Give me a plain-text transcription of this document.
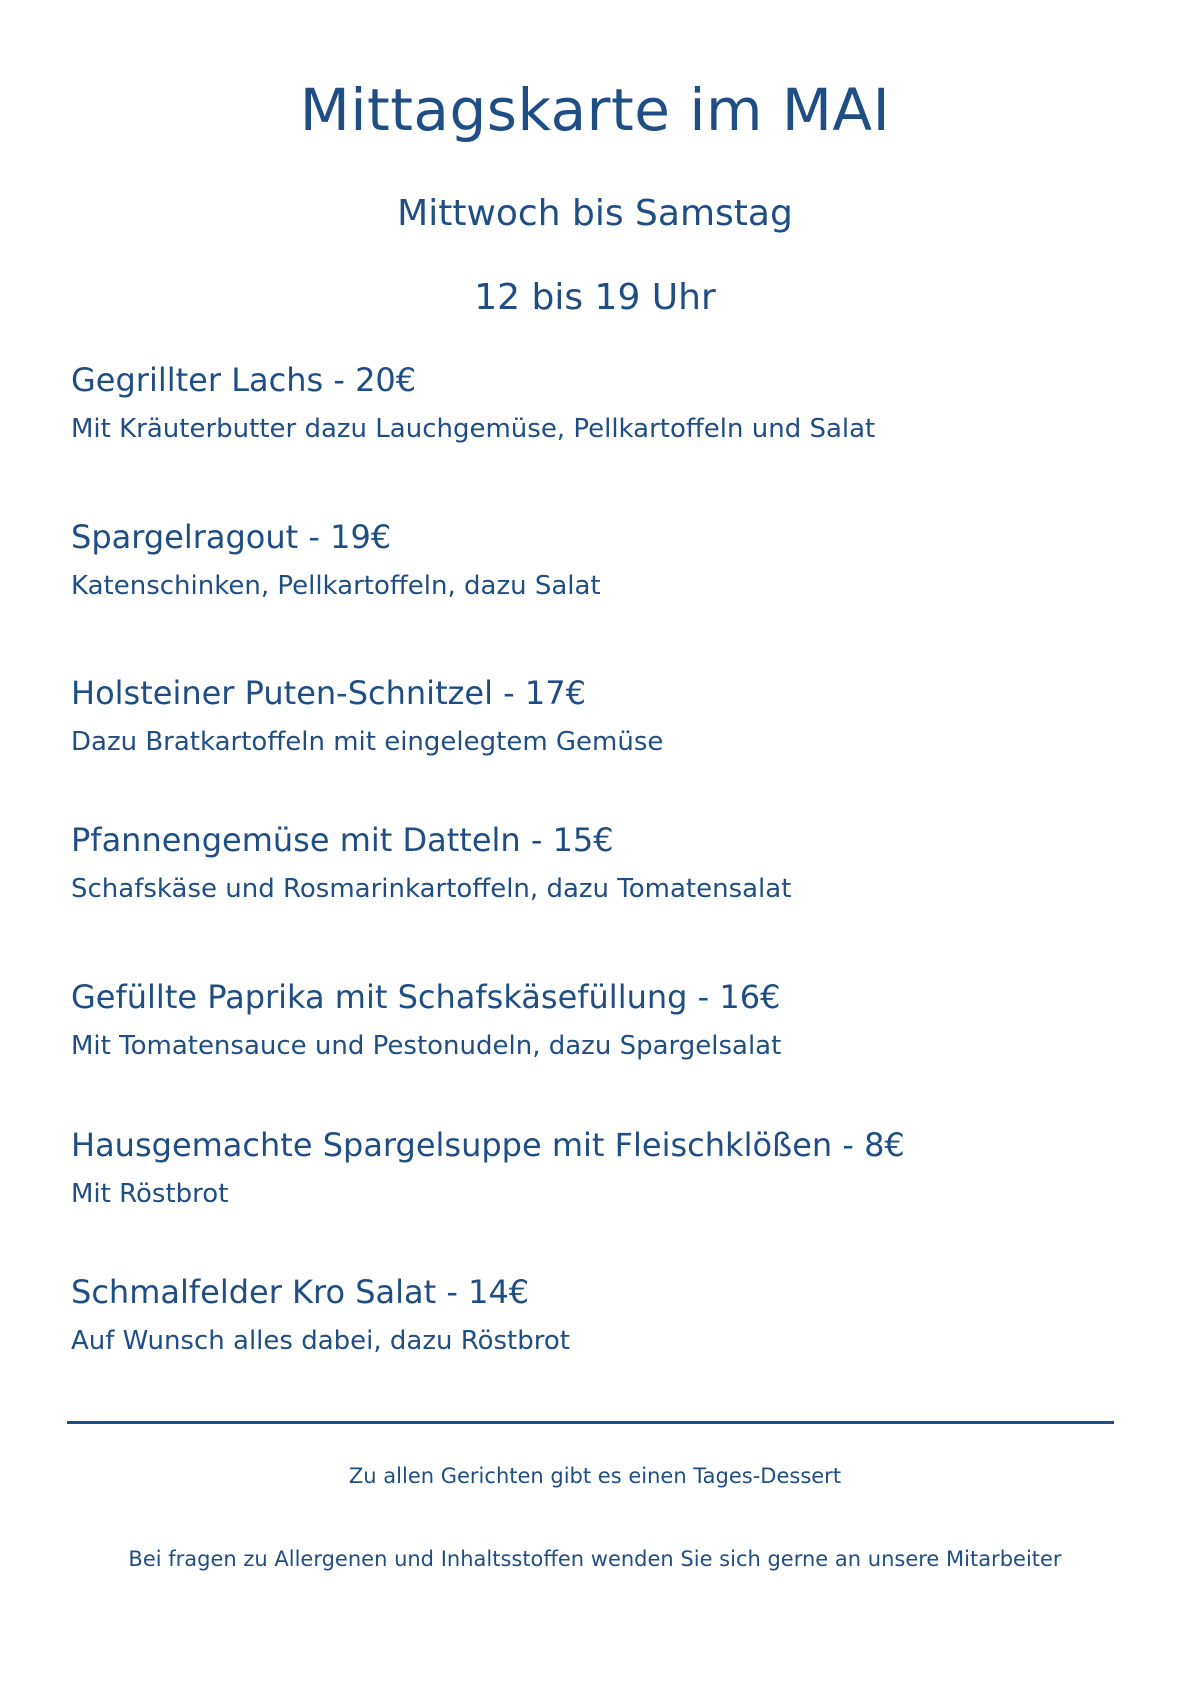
Mittagskarte im MAI
Mittwoch bis Samstag
12 bis 19 Uhr
Gegrillter Lachs - 20€
Mit Kräuterbutter dazu Lauchgemüse, Pellkartoffeln und Salat
Spargelragout - 19€
Katenschinken, Pellkartoffeln, dazu Salat
Holsteiner Puten-Schnitzel - 17€
Dazu Bratkartoffeln mit eingelegtem Gemüse
Pfannengemüse mit Datteln - 15€
Schafskäse und Rosmarinkartoffeln, dazu Tomatensalat
Gefüllte Paprika mit Schafskäsefüllung - 16€
Mit Tomatensauce und Pestonudeln, dazu Spargelsalat
Hausgemachte Spargelsuppe mit Fleischklößen - 8€
Mit Röstbrot
Schmalfelder Kro Salat - 14€
Auf Wunsch alles dabei, dazu Röstbrot
Zu allen Gerichten gibt es einen Tages-Dessert
Bei fragen zu Allergenen und Inhaltsstoffen wenden Sie sich gerne an unsere Mitarbeiter
